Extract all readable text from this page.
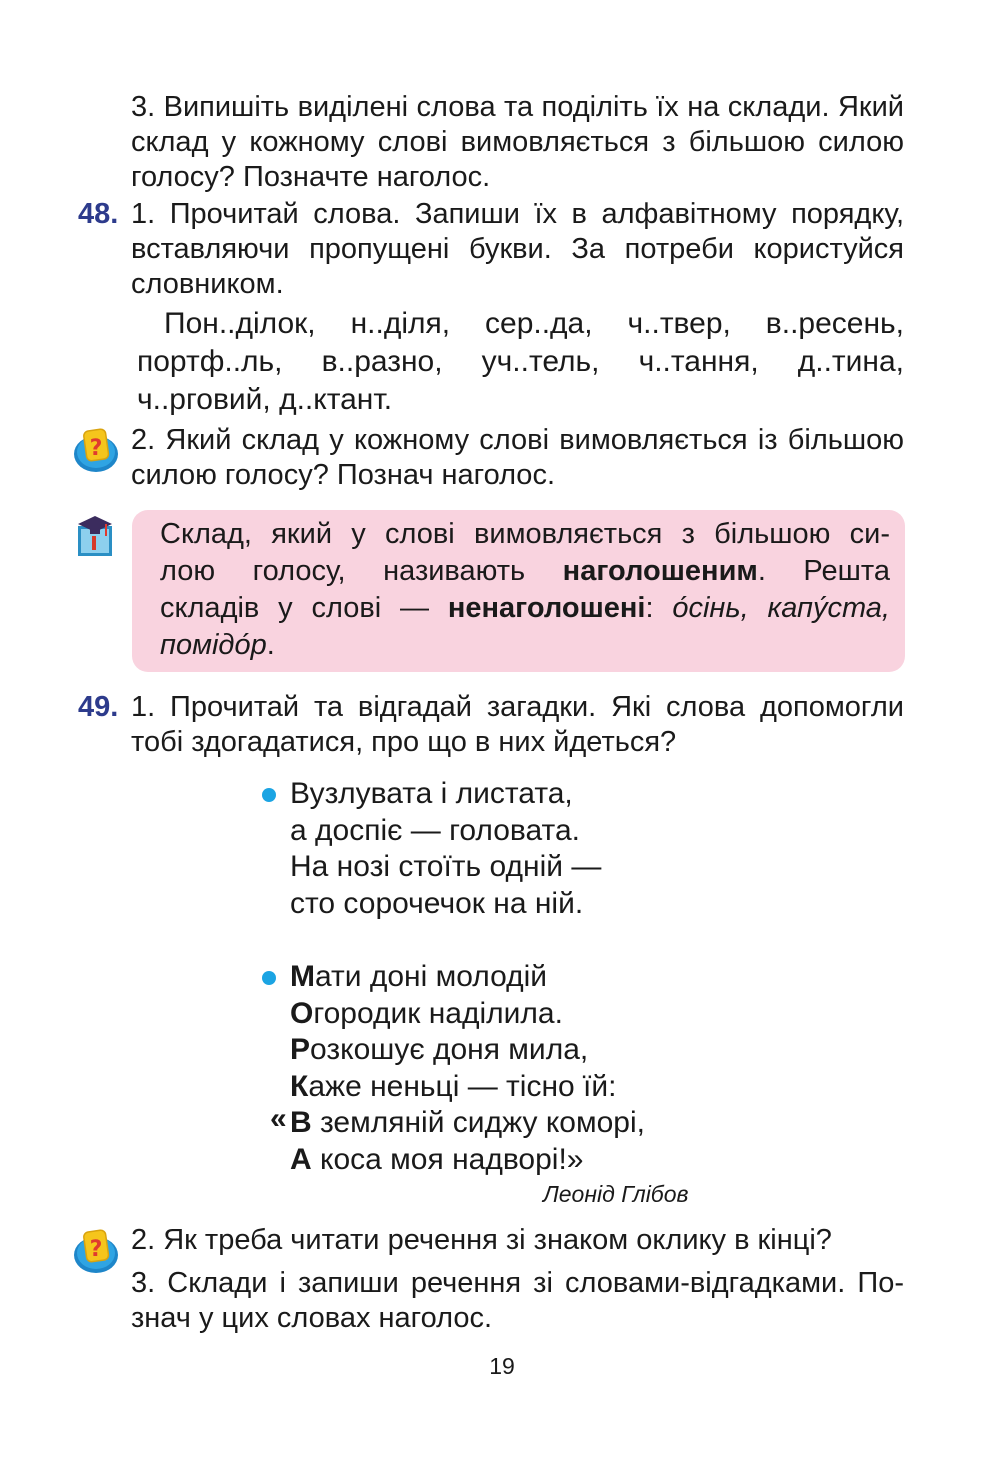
3. Випишіть виділені слова та поділіть їх на склади. Який
склад у кожному слові вимовляється з більшою силою
голосу? Позначте наголос.

48. 1. Прочитай слова. Запиши їх в алфавітному порядку,
вставляючи пропущені букви. За потреби користуйся
словником.

Пон..ділок, н..діля, сер..да, ч..твер, в..ресень,
портф..ль, в..разно, уч..тель, ч..тання, д..тина,
ч..рговий, д..ктант.

? 2. Який склад у кожному слові вимовляється із більшою
силою голосу? Познач наголос.

Склад, який у слові вимовляється з більшою си-
лою голосу, називають наголошеним. Решта
складів у слові — ненаголошені: о́сінь, капу́ста,
помідо́р.

49. 1. Прочитай та відгадай загадки. Які слова допомогли
тобі здогадатися, про що в них йдеться?

Вузлувата і листата,
а доспіє — головата.
На нозі стоїть одній —
сто сорочечок на ній.

«

Мати доні молодій
Огородик наділила.
Розкошує доня мила,
Каже неньці — тісно їй:
В земляній сиджу коморі,
А коса моя надворі!»

Леонід Глібов
? 2. Як треба читати речення зі знаком оклику в кінці?

3. Склади і запиши речення зі словами-відгадками. По-
знач у цих словах наголос.

19
